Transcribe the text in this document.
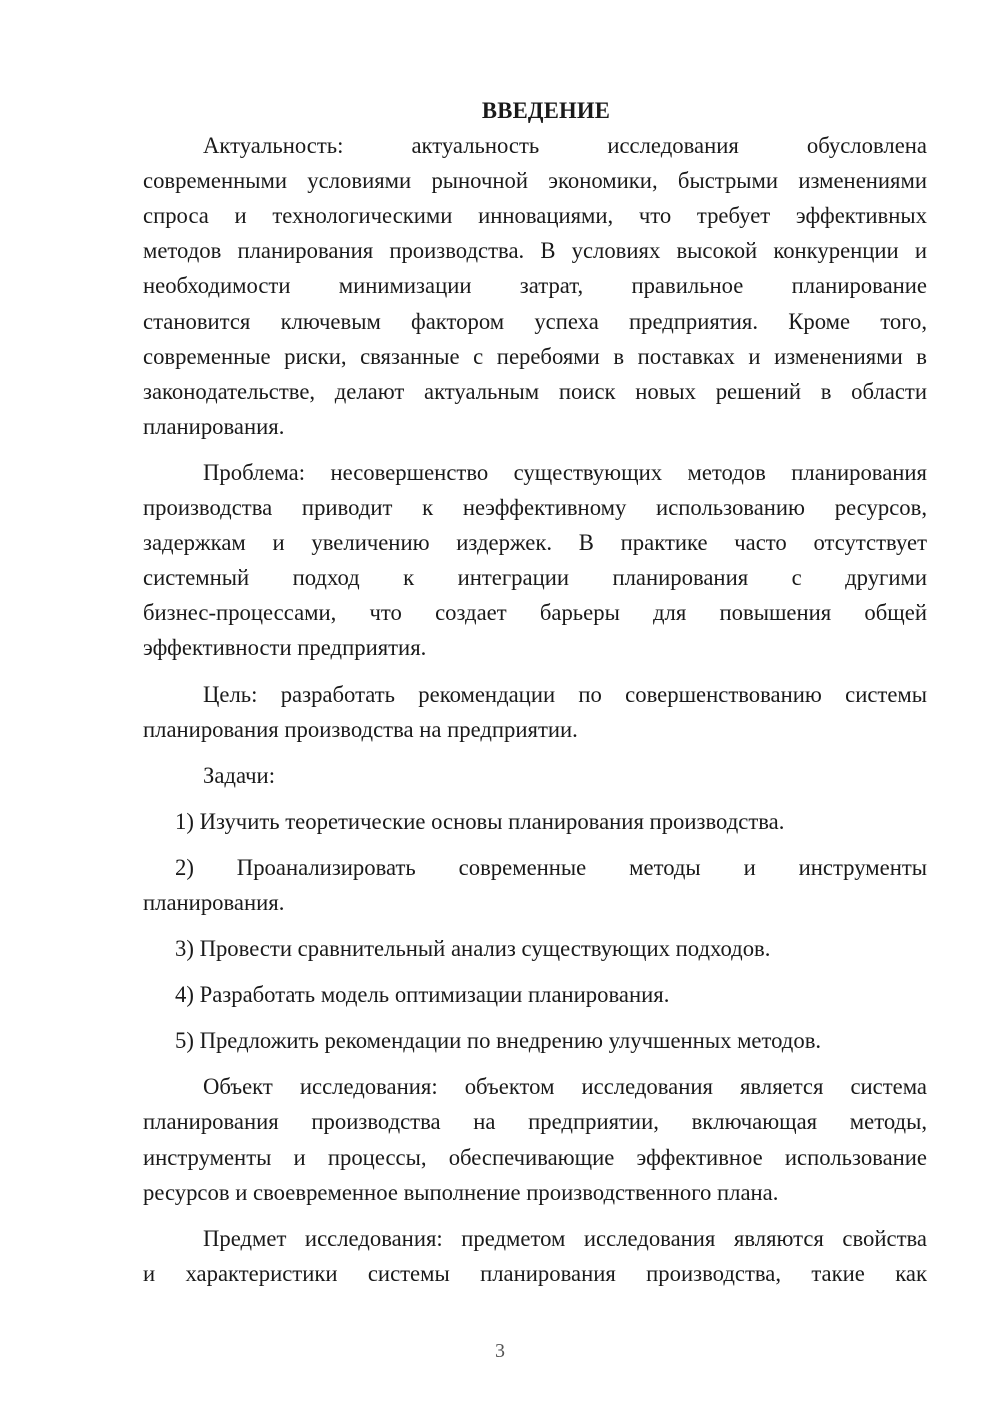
ВВЕДЕНИЕ
Актуальность: актуальность исследования обусловлена
современными условиями рыночной экономики, быстрыми изменениями
спроса и технологическими инновациями, что требует эффективных
методов планирования производства. В условиях высокой конкуренции и
необходимости минимизации затрат, правильное планирование
становится ключевым фактором успеха предприятия. Кроме того,
современные риски, связанные с перебоями в поставках и изменениями в
законодательстве, делают актуальным поиск новых решений в области
планирования.
Проблема: несовершенство существующих методов планирования
производства приводит к неэффективному использованию ресурсов,
задержкам и увеличению издержек. В практике часто отсутствует
системный подход к интеграции планирования с другими
бизнес-процессами, что создает барьеры для повышения общей
эффективности предприятия.
Цель: разработать рекомендации по совершенствованию системы
планирования производства на предприятии.
Задачи:
1) Изучить теоретические основы планирования производства.
2) Проанализировать современные методы и инструменты
планирования.
3) Провести сравнительный анализ существующих подходов.
4) Разработать модель оптимизации планирования.
5) Предложить рекомендации по внедрению улучшенных методов.
Объект исследования: объектом исследования является система
планирования производства на предприятии, включающая методы,
инструменты и процессы, обеспечивающие эффективное использование
ресурсов и своевременное выполнение производственного плана.
Предмет исследования: предметом исследования являются свойства
и характеристики системы планирования производства, такие как
3
